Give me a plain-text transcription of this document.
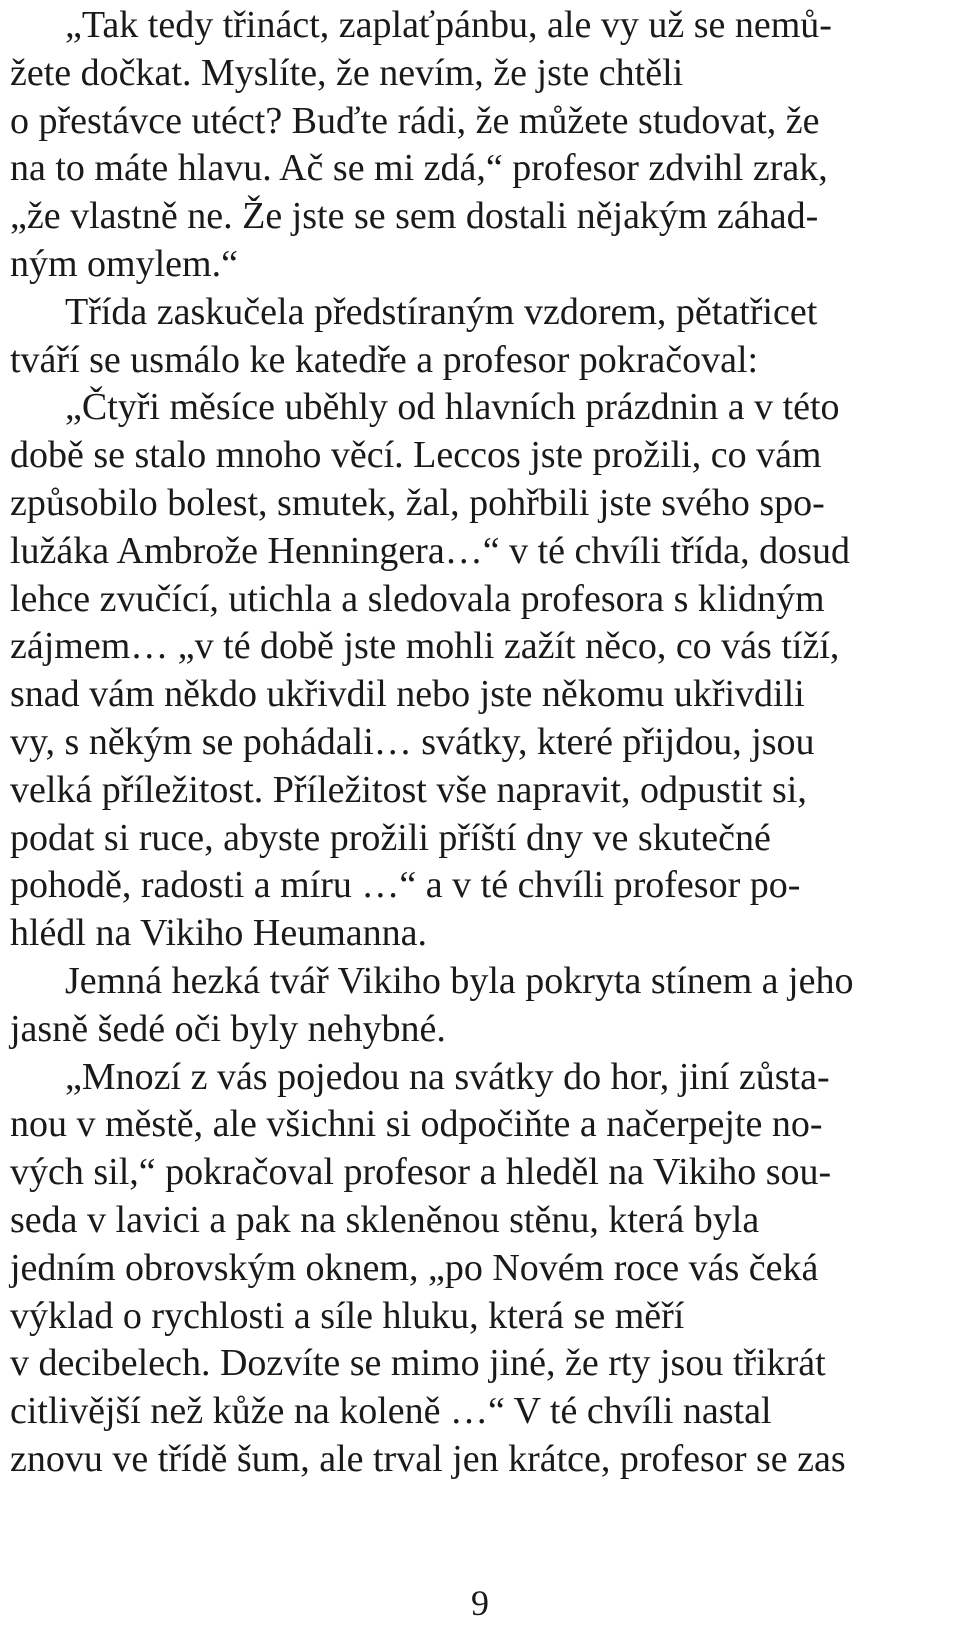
„Tak tedy třináct, zaplaťpánbu, ale vy už se nemů-
žete dočkat. Myslíte, že nevím, že jste chtěli
o přestávce utéct? Buďte rádi, že můžete studovat, že
na to máte hlavu. Ač se mi zdá,“ profesor zdvihl zrak,
„že vlastně ne. Že jste se sem dostali nějakým záhad-
ným omylem.“
Třída zaskučela předstíraným vzdorem, pětatřicet
tváří se usmálo ke katedře a profesor pokračoval:
„Čtyři měsíce uběhly od hlavních prázdnin a v této
době se stalo mnoho věcí. Leccos jste prožili, co vám
způsobilo bolest, smutek, žal, pohřbili jste svého spo-
lužáka Ambrože Henningera…“ v té chvíli třída, dosud
lehce zvučící, utichla a sledovala profesora s klidným
zájmem… „v té době jste mohli zažít něco, co vás tíží,
snad vám někdo ukřivdil nebo jste někomu ukřivdili
vy, s někým se pohádali… svátky, které přijdou, jsou
velká příležitost. Příležitost vše napravit, odpustit si,
podat si ruce, abyste prožili příští dny ve skutečné
pohodě, radosti a míru …“ a v té chvíli profesor po-
hlédl na Vikiho Heumanna.
Jemná hezká tvář Vikiho byla pokryta stínem a jeho
jasně šedé oči byly nehybné.
„Mnozí z vás pojedou na svátky do hor, jiní zůsta-
nou v městě, ale všichni si odpočiňte a načerpejte no-
vých sil,“ pokračoval profesor a hleděl na Vikiho sou-
seda v lavici a pak na skleněnou stěnu, která byla
jedním obrovským oknem, „po Novém roce vás čeká
výklad o rychlosti a síle hluku, která se měří
v decibelech. Dozvíte se mimo jiné, že rty jsou třikrát
citlivější než kůže na koleně …“ V té chvíli nastal
znovu ve třídě šum, ale trval jen krátce, profesor se zas
9
